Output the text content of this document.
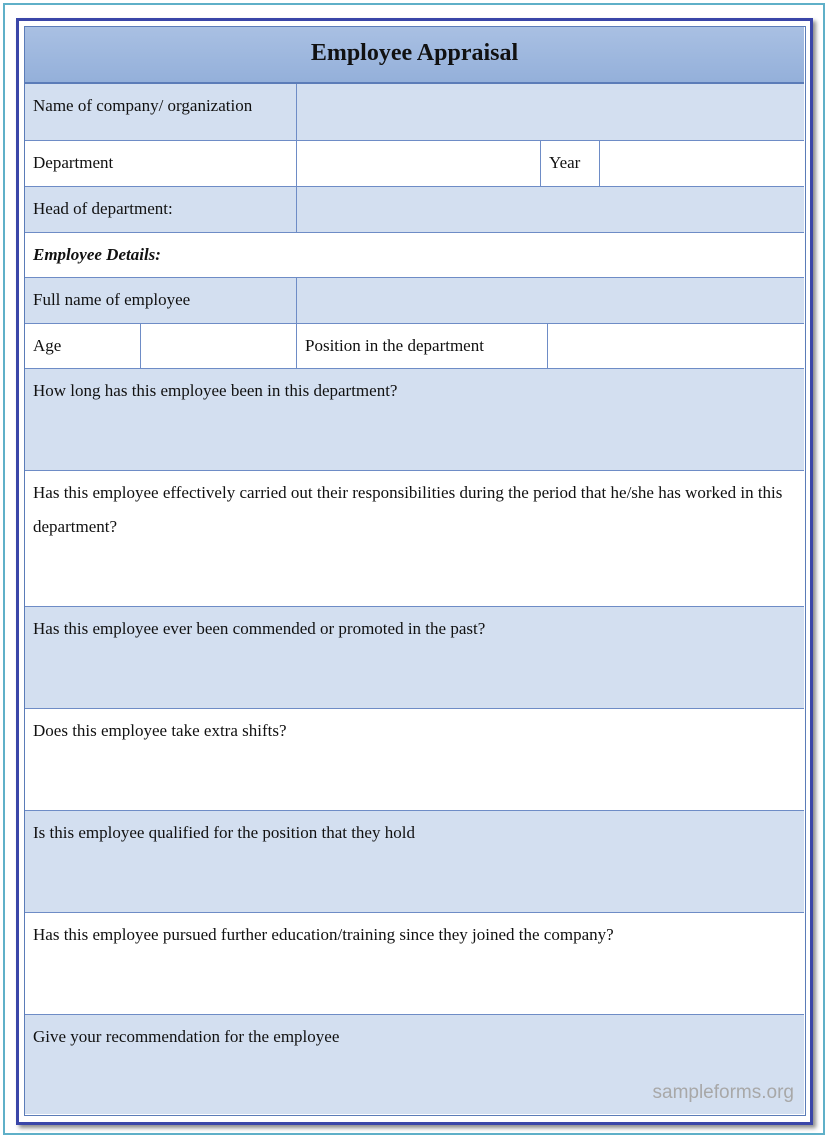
Employee Appraisal
Name of company/ organization
Department	Year
Head of department:
Employee Details:
Full name of employee
Age	Position in the department
How long has this employee been in this department?
Has this employee effectively carried out their responsibilities during the period that he/she has worked in this department?
Has this employee ever been commended or promoted in the past?
Does this employee take extra shifts?
Is this employee qualified for the position that they hold
Has this employee pursued further education/training since they joined the company?
Give your recommendation for the employee
sampleforms.org
